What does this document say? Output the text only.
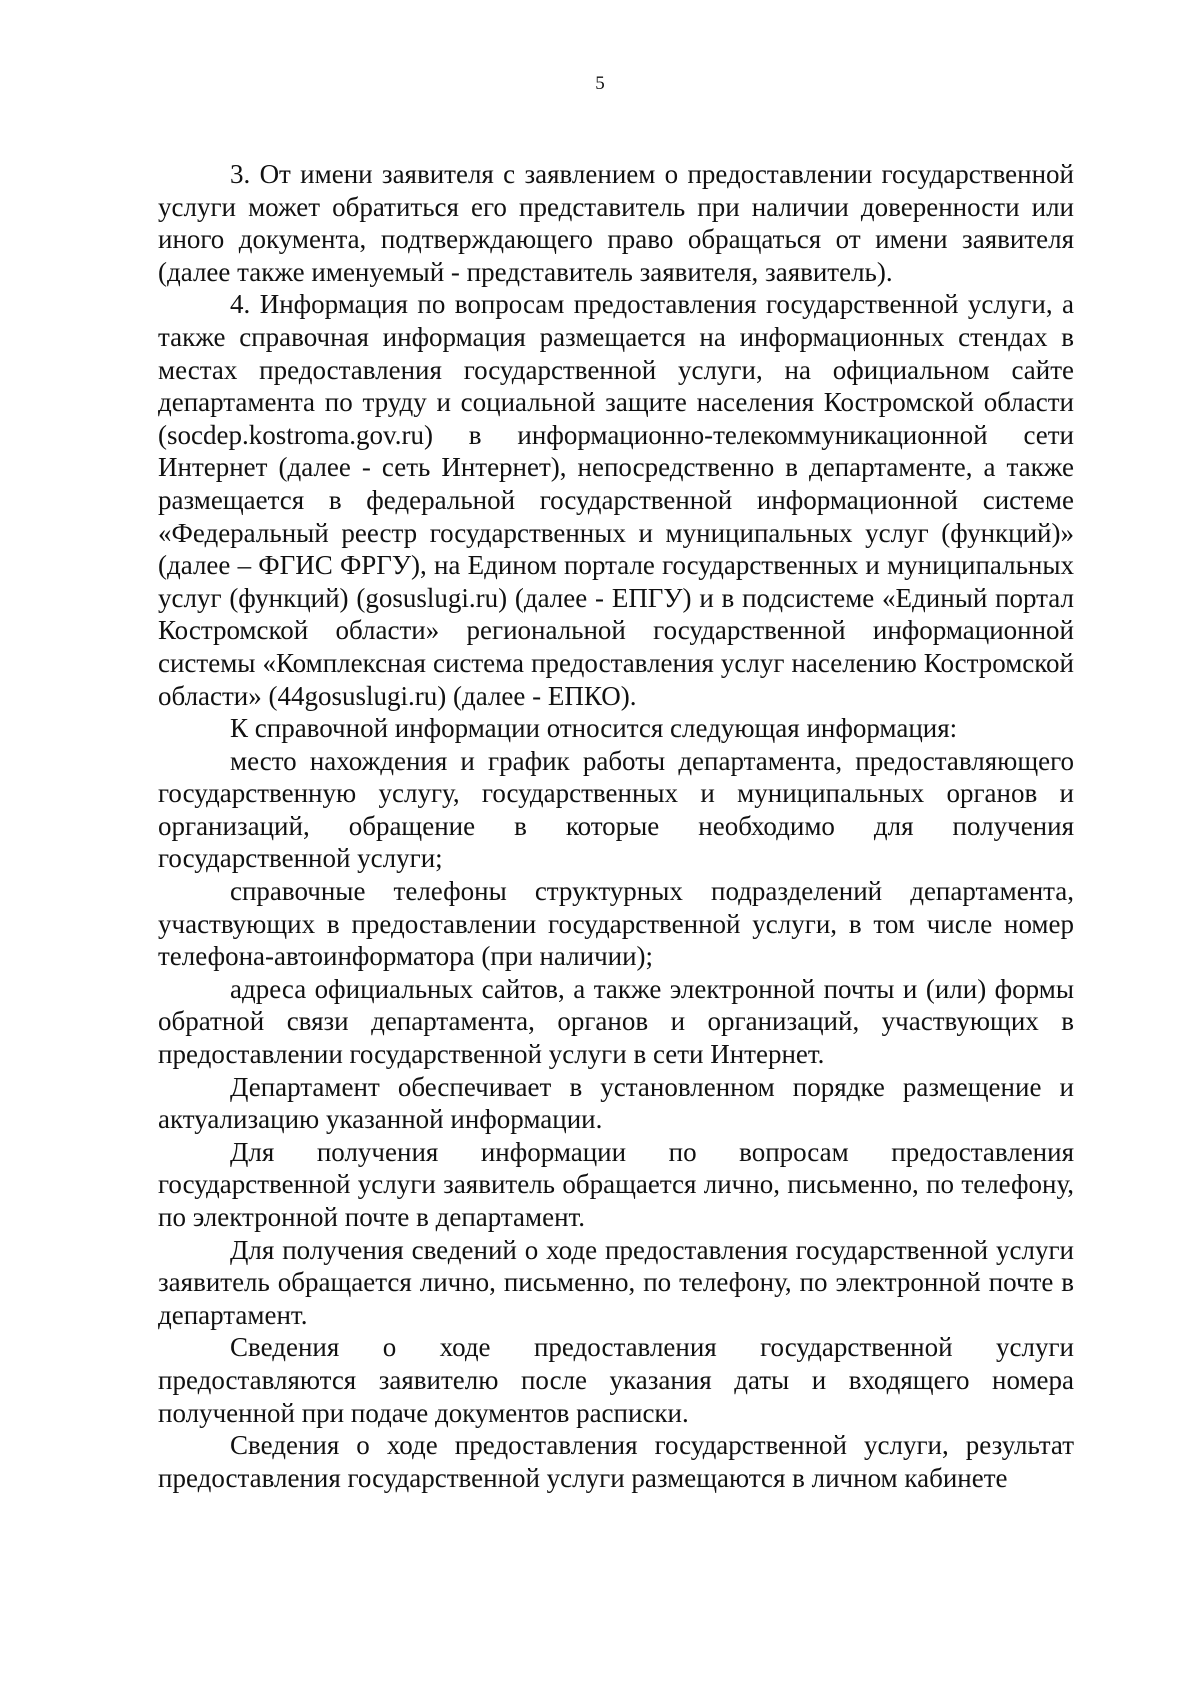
5

3. От имени заявителя с заявлением о предоставлении государственной услуги может обратиться его представитель при наличии доверенности или иного документа, подтверждающего право обращаться от имени заявителя (далее также именуемый - представитель заявителя, заявитель).

4. Информация по вопросам предоставления государственной услуги, а также справочная информация размещается на информационных стендах в местах предоставления государственной услуги, на официальном сайте департамента по труду и социальной защите населения Костромской области (socdep.kostroma.gov.ru) в информационно-телекоммуникационной сети Интернет (далее - сеть Интернет), непосредственно в департаменте, а также размещается в федеральной государственной информационной системе «Федеральный реестр государственных и муниципальных услуг (функций)» (далее – ФГИС ФРГУ), на Едином портале государственных и муниципальных услуг (функций) (gosuslugi.ru) (далее - ЕПГУ) и в подсистеме «Единый портал Костромской области» региональной государственной информационной системы «Комплексная система предоставления услуг населению Костромской области» (44gosuslugi.ru) (далее - ЕПКО).

К справочной информации относится следующая информация:

место нахождения и график работы департамента, предоставляющего государственную услугу, государственных и муниципальных органов и организаций, обращение в которые необходимо для получения государственной услуги;

справочные телефоны структурных подразделений департамента, участвующих в предоставлении государственной услуги, в том числе номер телефона-автоинформатора (при наличии);

адреса официальных сайтов, а также электронной почты и (или) формы обратной связи департамента, органов и организаций, участвующих в предоставлении государственной услуги в сети Интернет.

Департамент обеспечивает в установленном порядке размещение и актуализацию указанной информации.

Для получения информации по вопросам предоставления государственной услуги заявитель обращается лично, письменно, по телефону, по электронной почте в департамент.

Для получения сведений о ходе предоставления государственной услуги заявитель обращается лично, письменно, по телефону, по электронной почте в департамент.

Сведения о ходе предоставления государственной услуги предоставляются заявителю после указания даты и входящего номера полученной при подаче документов расписки.

Сведения о ходе предоставления государственной услуги, результат предоставления государственной услуги размещаются в личном кабинете
